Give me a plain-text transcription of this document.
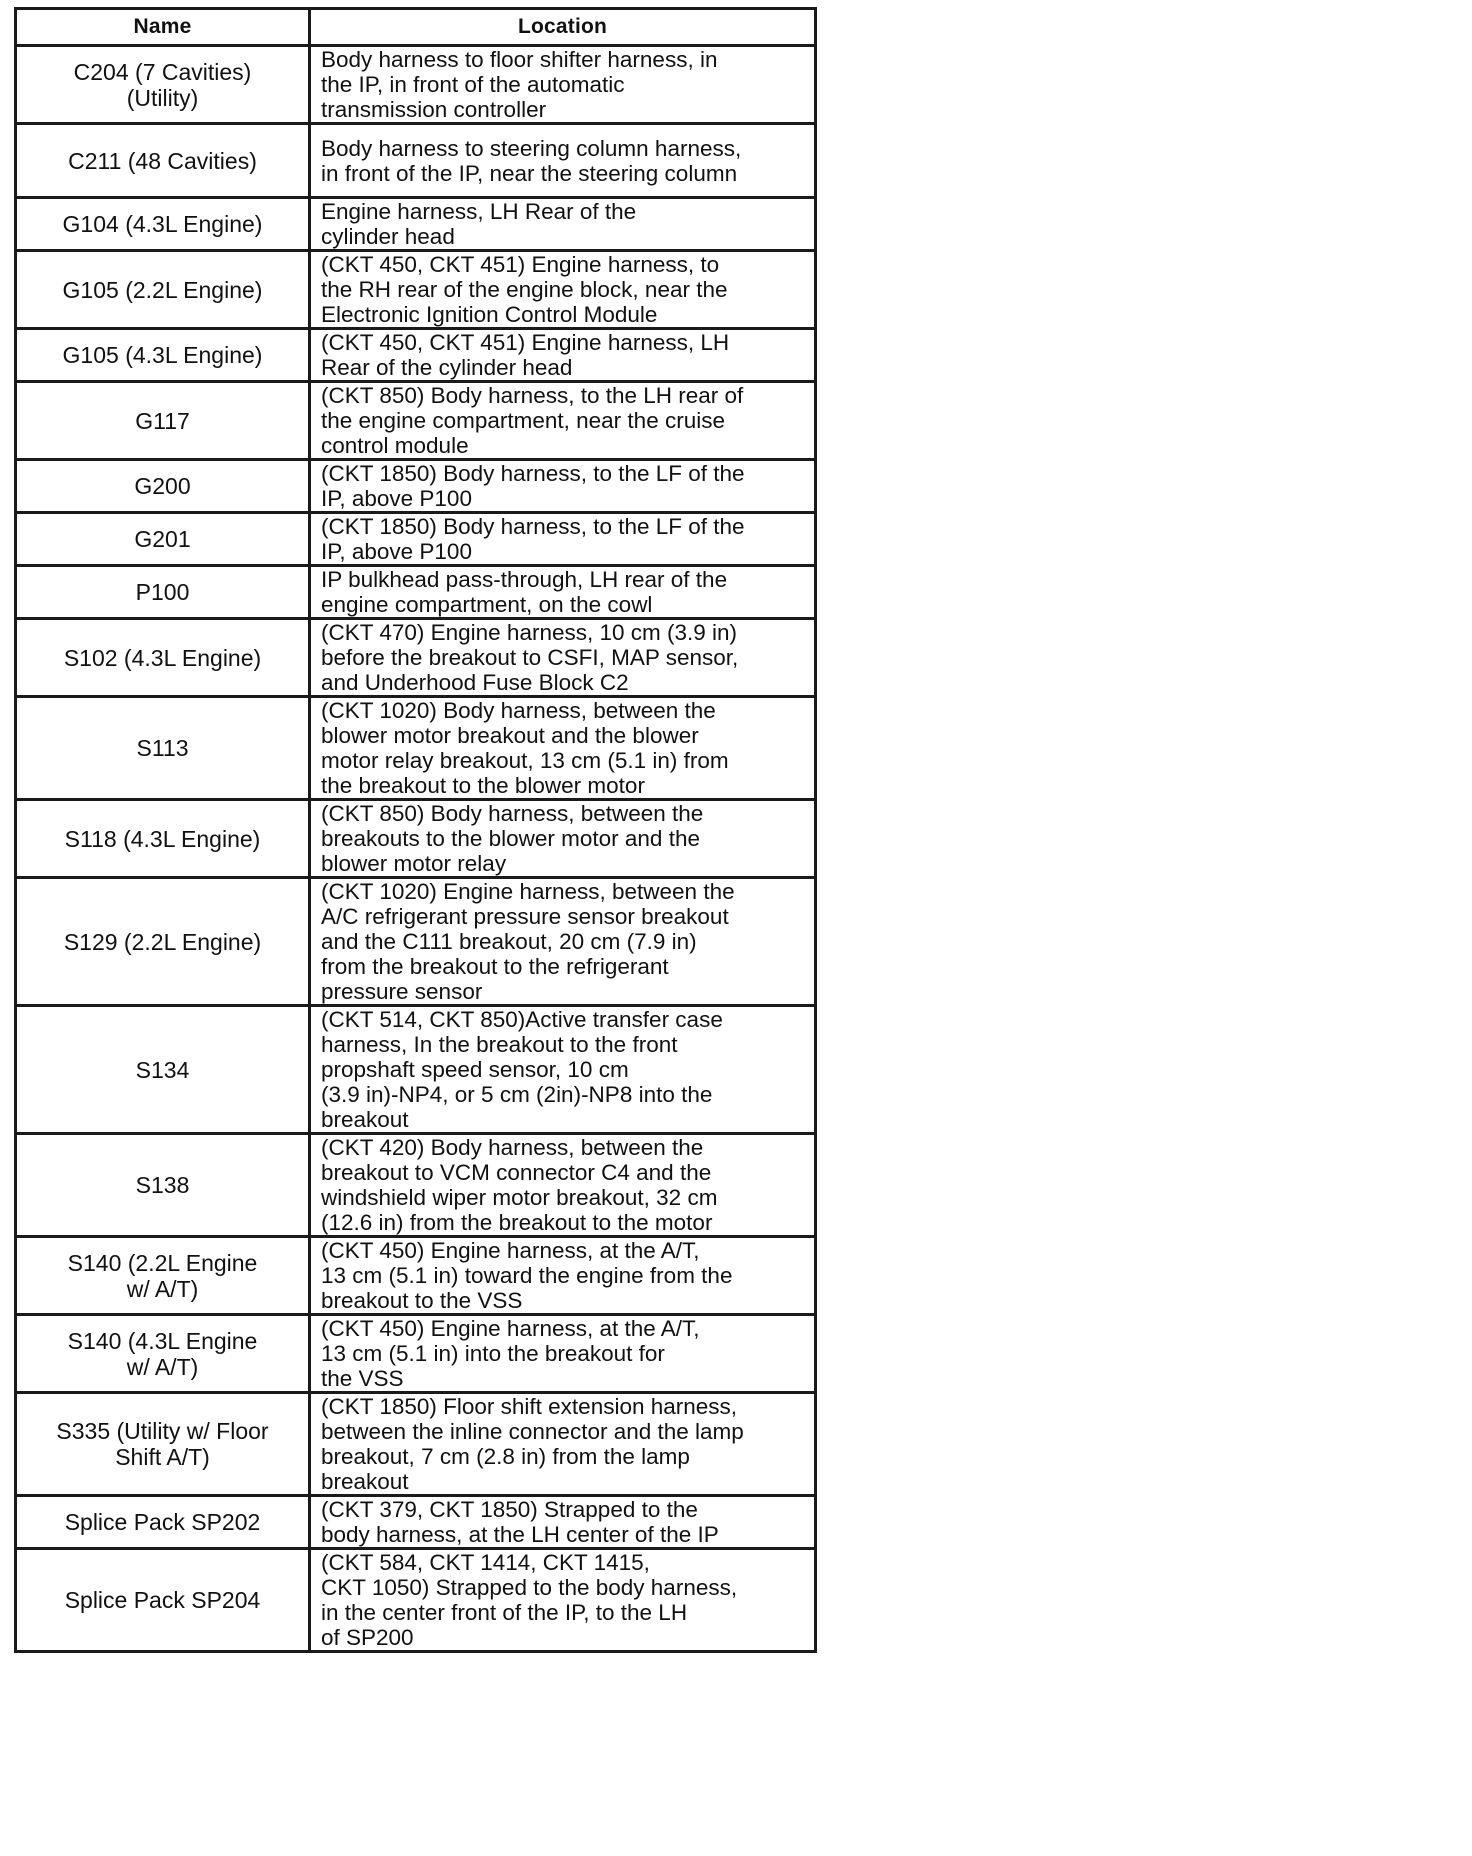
Name	Location

C204 (7 Cavities)
(Utility)	Body harness to floor shifter harness, in
the IP, in front of the automatic
transmission controller

C211 (48 Cavities)	Body harness to steering column harness,
in front of the IP, near the steering column

G104 (4.3L Engine)	Engine harness, LH Rear of the
cylinder head

G105 (2.2L Engine)	(CKT 450, CKT 451) Engine harness, to
the RH rear of the engine block, near the
Electronic Ignition Control Module

G105 (4.3L Engine)	(CKT 450, CKT 451) Engine harness, LH
Rear of the cylinder head

G117	(CKT 850) Body harness, to the LH rear of
the engine compartment, near the cruise
control module

G200	(CKT 1850) Body harness, to the LF of the
IP, above P100

G201	(CKT 1850) Body harness, to the LF of the
IP, above P100

P100	IP bulkhead pass-through, LH rear of the
engine compartment, on the cowl

S102 (4.3L Engine)	(CKT 470) Engine harness, 10 cm (3.9 in)
before the breakout to CSFI, MAP sensor,
and Underhood Fuse Block C2

S113	(CKT 1020) Body harness, between the
blower motor breakout and the blower
motor relay breakout, 13 cm (5.1 in) from
the breakout to the blower motor

S118 (4.3L Engine)	(CKT 850) Body harness, between the
breakouts to the blower motor and the
blower motor relay

S129 (2.2L Engine)	(CKT 1020) Engine harness, between the
A/C refrigerant pressure sensor breakout
and the C111 breakout, 20 cm (7.9 in)
from the breakout to the refrigerant
pressure sensor

S134	(CKT 514, CKT 850)Active transfer case
harness, In the breakout to the front
propshaft speed sensor, 10 cm
(3.9 in)-NP4, or 5 cm (2in)-NP8 into the
breakout

S138	(CKT 420) Body harness, between the
breakout to VCM connector C4 and the
windshield wiper motor breakout, 32 cm
(12.6 in) from the breakout to the motor

S140 (2.2L Engine
w/ A/T)	(CKT 450) Engine harness, at the A/T,
13 cm (5.1 in) toward the engine from the
breakout to the VSS

S140 (4.3L Engine
w/ A/T)	(CKT 450) Engine harness, at the A/T,
13 cm (5.1 in) into the breakout for
the VSS

S335 (Utility w/ Floor
Shift A/T)	(CKT 1850) Floor shift extension harness,
between the inline connector and the lamp
breakout, 7 cm (2.8 in) from the lamp
breakout

Splice Pack SP202	(CKT 379, CKT 1850) Strapped to the
body harness, at the LH center of the IP

Splice Pack SP204	(CKT 584, CKT 1414, CKT 1415,
CKT 1050) Strapped to the body harness,
in the center front of the IP, to the LH
of SP200
